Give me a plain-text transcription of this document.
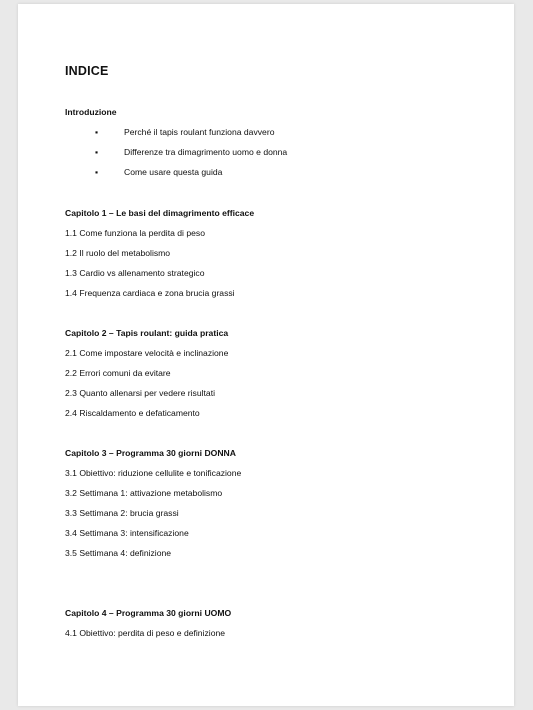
INDICE
Introduzione
▪	Perché il tapis roulant funziona davvero
▪	Differenze tra dimagrimento uomo e donna
▪	Come usare questa guida
Capitolo 1 – Le basi del dimagrimento efficace
1.1 Come funziona la perdita di peso
1.2 Il ruolo del metabolismo
1.3 Cardio vs allenamento strategico
1.4 Frequenza cardiaca e zona brucia grassi
Capitolo 2 – Tapis roulant: guida pratica
2.1 Come impostare velocità e inclinazione
2.2 Errori comuni da evitare
2.3 Quanto allenarsi per vedere risultati
2.4 Riscaldamento e defaticamento
Capitolo 3 – Programma 30 giorni DONNA
3.1 Obiettivo: riduzione cellulite e tonificazione
3.2 Settimana 1: attivazione metabolismo
3.3 Settimana 2: brucia grassi
3.4 Settimana 3: intensificazione
3.5 Settimana 4: definizione
Capitolo 4 – Programma 30 giorni UOMO
4.1 Obiettivo: perdita di peso e definizione
